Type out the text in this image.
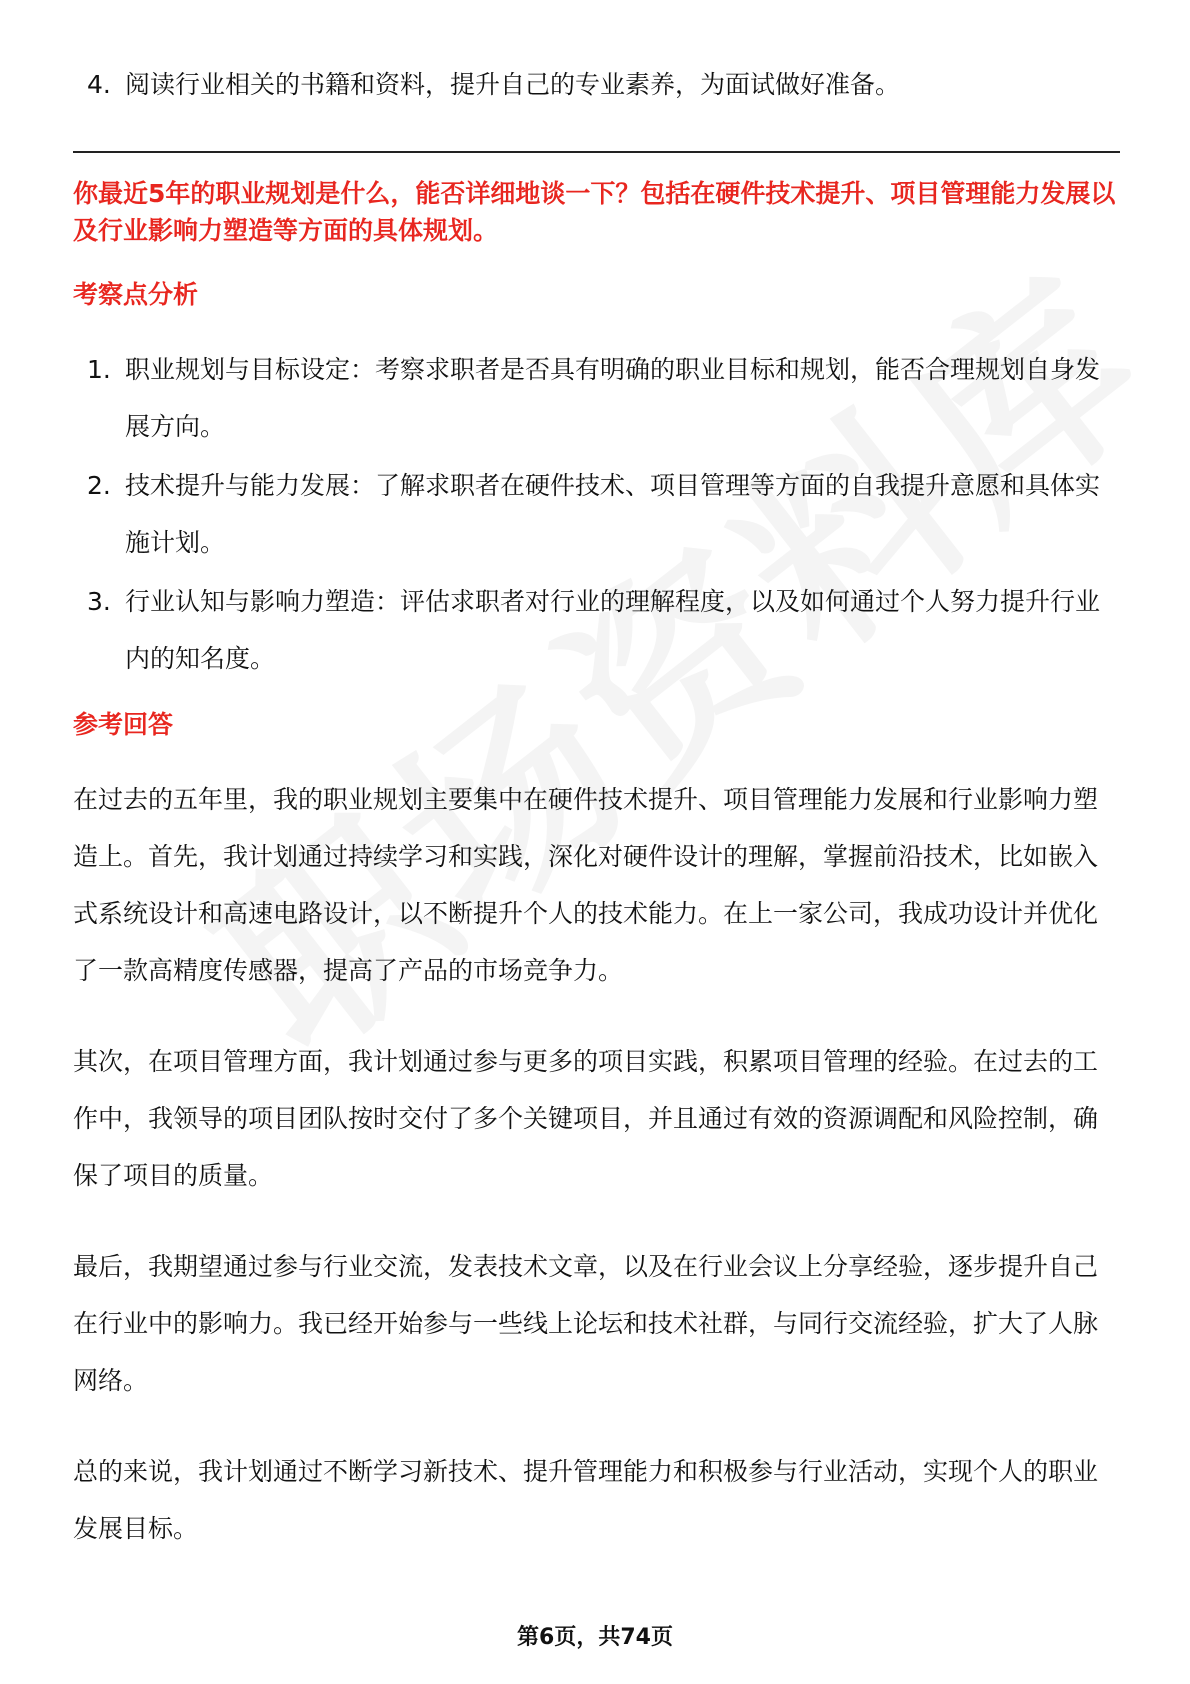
4. 阅读行业相关的书籍和资料，提升自己的专业素养，为面试做好准备。
你最近5年的职业规划是什么，能否详细地谈一下？包括在硬件技术提升、项目管理能力发展以及行业影响力塑造等方面的具体规划。
考察点分析
1. 职业规划与目标设定：考察求职者是否具有明确的职业目标和规划，能否合理规划自身发展方向。
2. 技术提升与能力发展：了解求职者在硬件技术、项目管理等方面的自我提升意愿和具体实施计划。
3. 行业认知与影响力塑造：评估求职者对行业的理解程度，以及如何通过个人努力提升行业内的知名度。
参考回答
在过去的五年里，我的职业规划主要集中在硬件技术提升、项目管理能力发展和行业影响力塑造上。首先，我计划通过持续学习和实践，深化对硬件设计的理解，掌握前沿技术，比如嵌入式系统设计和高速电路设计，以不断提升个人的技术能力。在上一家公司，我成功设计并优化了一款高精度传感器，提高了产品的市场竞争力。
其次，在项目管理方面，我计划通过参与更多的项目实践，积累项目管理的经验。在过去的工作中，我领导的项目团队按时交付了多个关键项目，并且通过有效的资源调配和风险控制，确保了项目的质量。
最后，我期望通过参与行业交流，发表技术文章，以及在行业会议上分享经验，逐步提升自己在行业中的影响力。我已经开始参与一些线上论坛和技术社群，与同行交流经验，扩大了人脉网络。
总的来说，我计划通过不断学习新技术、提升管理能力和积极参与行业活动，实现个人的职业发展目标。
第6页，共74页
